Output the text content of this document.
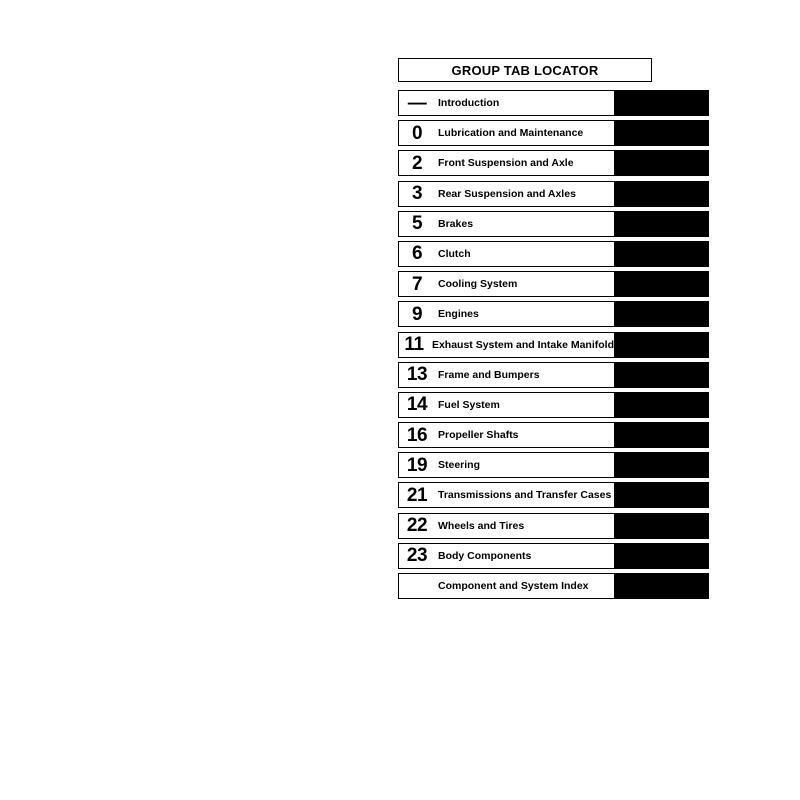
GROUP TAB LOCATOR
—	Introduction
0	Lubrication and Maintenance
2	Front Suspension and Axle
3	Rear Suspension and Axles
5	Brakes
6	Clutch
7	Cooling System
9	Engines
11 Exhaust System and Intake Manifold
13	Frame and Bumpers
14	Fuel System
16	Propeller Shafts
19	Steering
21	Transmissions and Transfer Cases
22	Wheels and Tires
23	Body Components
Component and System Index
